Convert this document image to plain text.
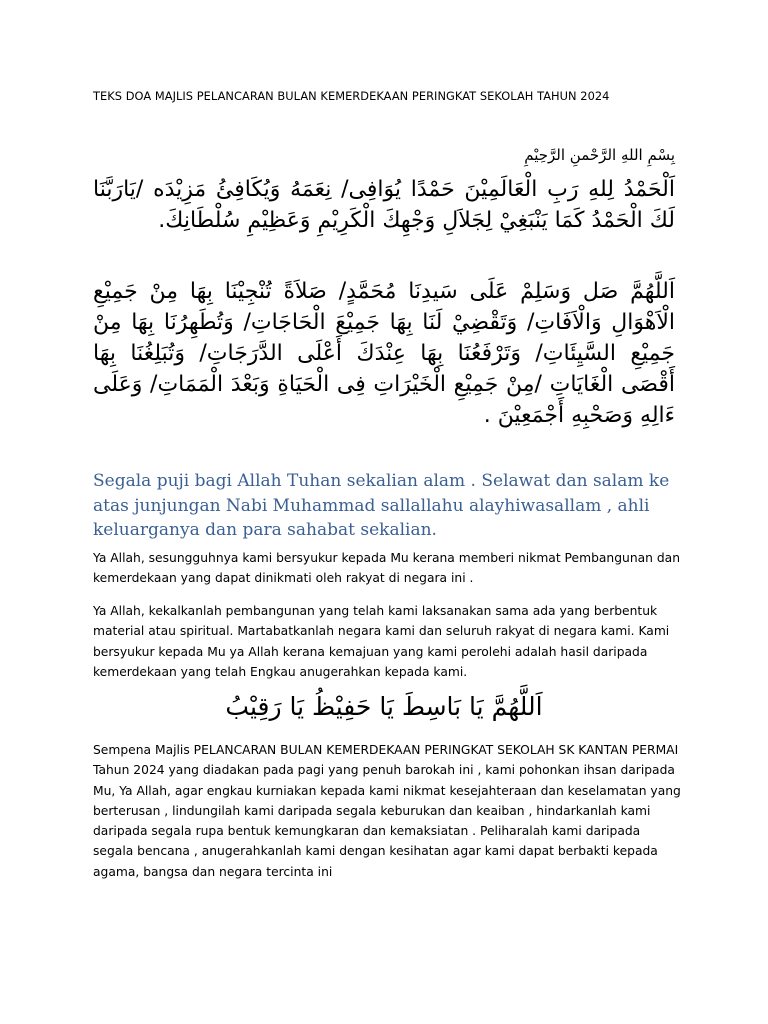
TEKS DOA MAJLIS PELANCARAN BULAN KEMERDEKAAN PERINGKAT SEKOLAH TAHUN 2024
بِسْمِ اللهِ الرَّحْمنِ الرَّحِيْمِ
اَلْحَمْدُ لِلهِ رَبِ الْعَالَمِيْنَ حَمْدًا يُوَافِى/ نِعَمَهُ وَيُكَافِئُ مَزِيْدَه /يَارَبَّنَا لَكَ الْحَمْدُ كَمَا يَنْبَغِيْ لِجَلاَلِ وَجْهِكَ الْكَرِيْمِ وَعَظِيْمِ سُلْطَانِكَ.
اَللَّهُمَّ صَل وَسَلِمْ عَلَى سَيدِنَا مُحَمَّدٍ/ صَلاَةً تُنْجِيْنَا بِهَا مِنْ جَمِيْعِ الْاَهْوَالِ وَالْاَفَاتِ/ وَتَقْضِيْ لَنَا بِهَا جَمِيْعَ الْحَاجَاتِ/ وَتُطَهِرُنَا بِهَا مِنْ جَمِيْعِ السَّيِئَاتِ/ وَتَرْفَعُنَا بِهَا عِنْدَكَ أَعْلَى الدَّرَجَاتِ/ وَتُبَلِغُنَا بِهَا أَقْصَى الْغَايَاتِ /مِنْ جَمِيْعِ الْخَيْرَاتِ فِى الْحَيَاةِ وَبَعْدَ الْمَمَاتِ/ وَعَلَى ءَالِهِ وَصَحْبِهِ أَجْمَعِيْنَ .
Segala puji bagi Allah Tuhan sekalian alam . Selawat dan salam ke atas junjungan Nabi Muhammad sallallahu alayhiwasallam , ahli keluarganya dan para sahabat sekalian.
Ya Allah, sesungguhnya kami bersyukur kepada Mu kerana memberi nikmat Pembangunan dan kemerdekaan yang dapat dinikmati oleh rakyat di negara ini .
Ya Allah, kekalkanlah pembangunan yang telah kami laksanakan sama ada yang berbentuk material atau spiritual. Martabatkanlah negara kami dan seluruh rakyat di negara kami. Kami bersyukur kepada Mu ya Allah kerana kemajuan yang kami perolehi adalah hasil daripada kemerdekaan yang telah Engkau anugerahkan kepada kami.
اَللَّهُمَّ يَا بَاسِطَ يَا حَفِيْظُ يَا رَقِيْبُ
Sempena Majlis PELANCARAN BULAN KEMERDEKAAN PERINGKAT SEKOLAH SK KANTAN PERMAI Tahun 2024 yang diadakan pada pagi yang penuh barokah ini , kami pohonkan ihsan daripada Mu, Ya Allah, agar engkau kurniakan kepada kami nikmat kesejahteraan dan keselamatan yang berterusan , lindungilah kami daripada segala keburukan dan keaiban , hindarkanlah kami daripada segala rupa bentuk kemungkaran dan kemaksiatan . Peliharalah kami daripada segala bencana , anugerahkanlah kami dengan kesihatan agar kami dapat berbakti kepada agama, bangsa dan negara tercinta ini
